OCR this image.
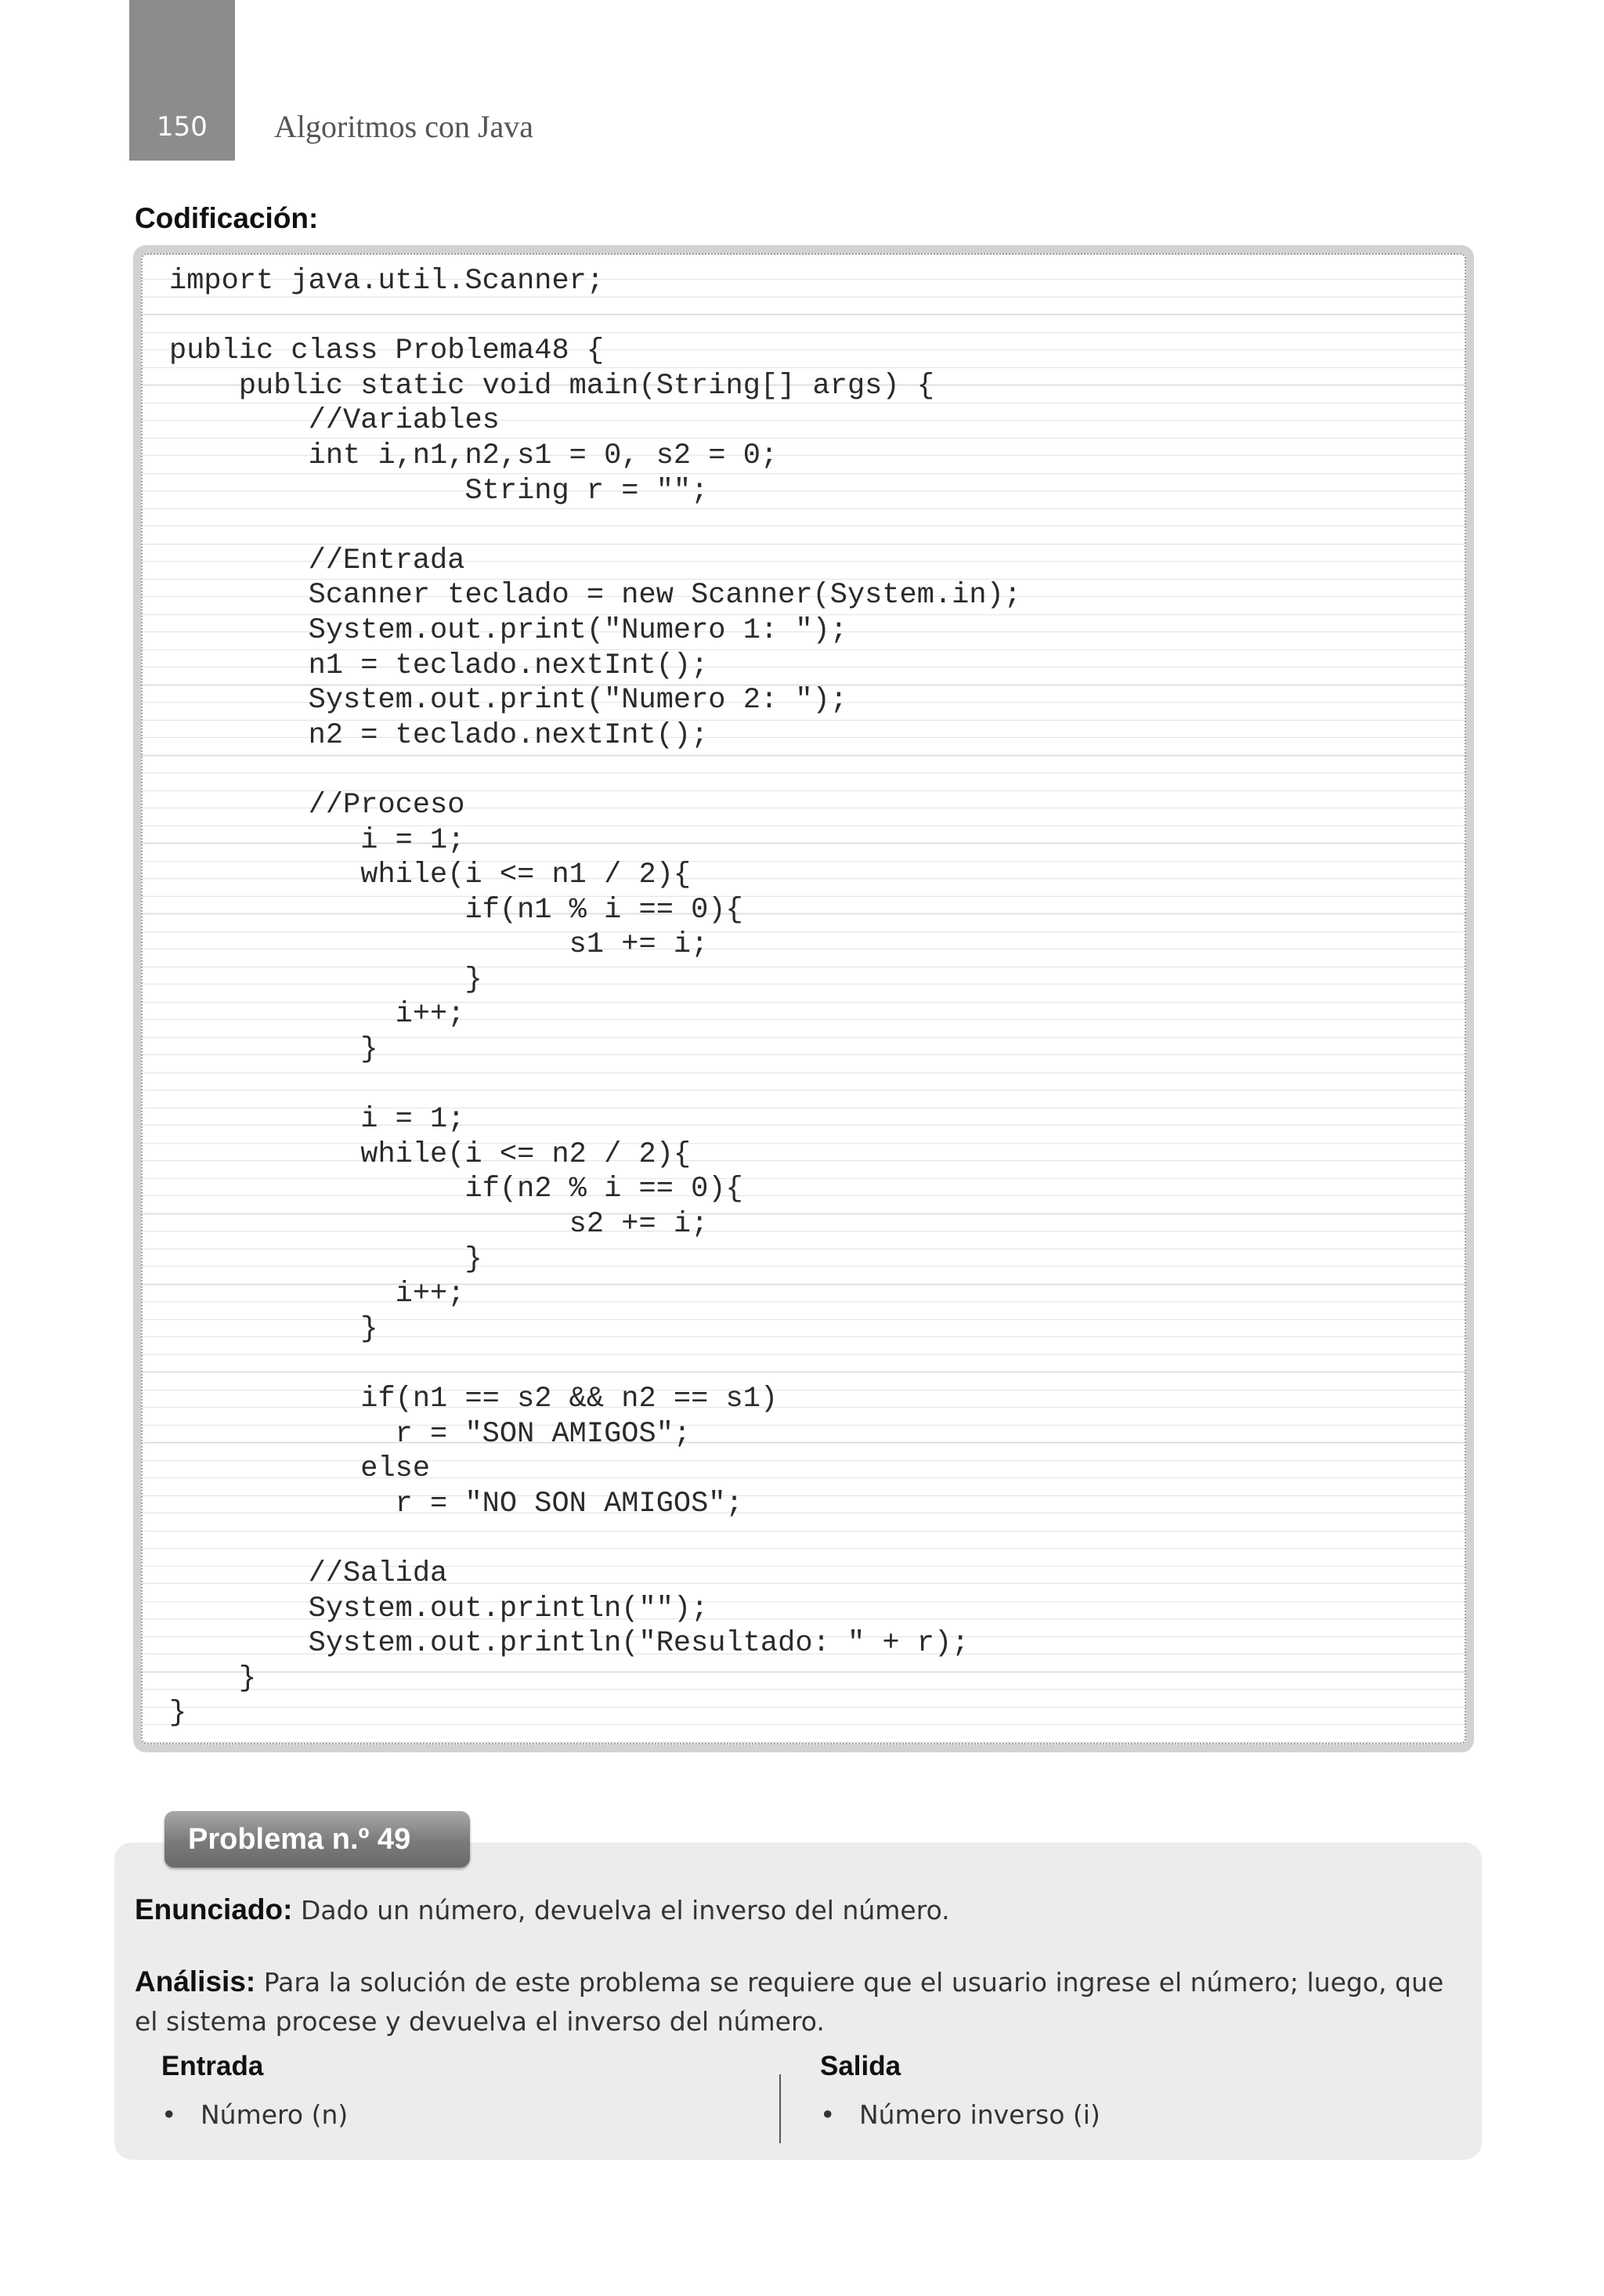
150	Algoritmos con Java
Codificación:
import java.util.Scanner;
public class Problema48 {
public static void main(String[] args) {
//Variables
int i,n1,n2,s1 = 0, s2 = 0;
String r = "";
//Entrada
Scanner teclado = new Scanner(System.in);
System.out.print("Numero 1: ");
n1 = teclado.nextInt();
System.out.print("Numero 2: ");
n2 = teclado.nextInt();
//Proceso
i = 1;
while(i <= n1 / 2){
if(n1 % i == 0){
s1 += i;
}
i++;
}
i = 1;
while(i <= n2 / 2){
if(n2 % i == 0){
s2 += i;
}
i++;
}
if(n1 == s2 && n2 == s1)
r = "SON AMIGOS";
else
r = "NO SON AMIGOS";
//Salida
System.out.println("");
System.out.println("Resultado: " + r);
}
}
Problema n.º 49
Enunciado: Dado un número, devuelva el inverso del número.
Análisis: Para la solución de este problema se requiere que el usuario ingrese el número; luego, que el sistema procese y devuelva el inverso del número.
Entrada
• Número (n)
Salida
• Número inverso (i)
